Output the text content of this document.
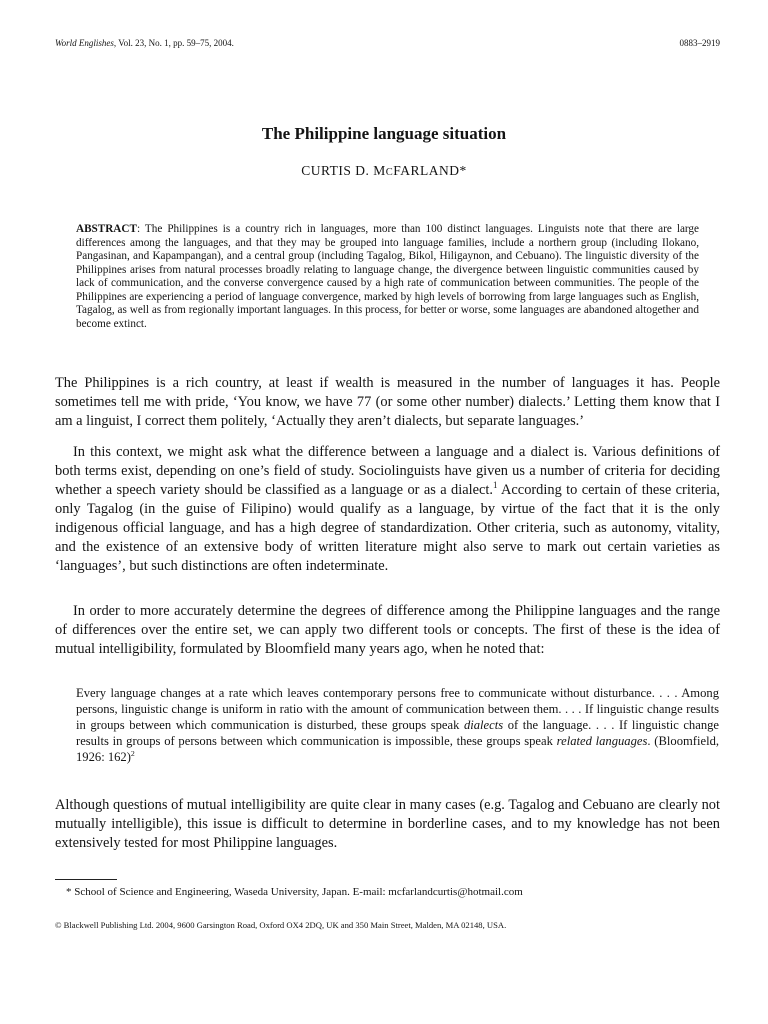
World Englishes, Vol. 23, No. 1, pp. 59–75, 2004.	0883–2919
The Philippine language situation
CURTIS D. MCFARLAND*

ABSTRACT: The Philippines is a country rich in languages, more than 100 distinct languages. Linguists note that there are large differences among the languages, and that they may be grouped into language families, include a northern group (including Ilokano, Pangasinan, and Kapampangan), and a central group (including Tagalog, Bikol, Hiligaynon, and Cebuano). The linguistic diversity of the Philippines arises from natural processes broadly relating to language change, the divergence between linguistic communities caused by lack of communication, and the converse convergence caused by a high rate of communication between communities. The people of the Philippines are experiencing a period of language convergence, marked by high levels of borrowing from large languages such as English, Tagalog, as well as from regionally important languages. In this process, for better or worse, some languages are abandoned altogether and become extinct.

The Philippines is a rich country, at least if wealth is measured in the number of languages it has. People sometimes tell me with pride, ‘You know, we have 77 (or some other number) dialects.’ Letting them know that I am a linguist, I correct them politely, ‘Actually they aren’t dialects, but separate languages.’

In this context, we might ask what the difference between a language and a dialect is. Various definitions of both terms exist, depending on one’s field of study. Sociolinguists have given us a number of criteria for deciding whether a speech variety should be classified as a language or as a dialect.$^1$ According to certain of these criteria, only Tagalog (in the guise of Filipino) would qualify as a language, by virtue of the fact that it is the only indigenous official language, and has a high degree of standardization. Other criteria, such as autonomy, vitality, and the existence of an extensive body of written literature might also serve to mark out certain varieties as ‘languages’, but such distinctions are often indeterminate.

In order to more accurately determine the degrees of difference among the Philippine languages and the range of differences over the entire set, we can apply two different tools or concepts. The first of these is the idea of mutual intelligibility, formulated by Bloomfield many years ago, when he noted that:

Every language changes at a rate which leaves contemporary persons free to communicate without disturbance. . . . Among persons, linguistic change is uniform in ratio with the amount of communication between them. . . . If linguistic change results in groups between which communication is disturbed, these groups speak dialects of the language. . . . If linguistic change results in groups of persons between which communication is impossible, these groups speak related languages. (Bloomfield, 1926: 162)$^2$

Although questions of mutual intelligibility are quite clear in many cases (e.g. Tagalog and Cebuano are clearly not mutually intelligible), this issue is difficult to determine in borderline cases, and to my knowledge has not been extensively tested for most Philippine languages.

* School of Science and Engineering, Waseda University, Japan. E-mail: mcfarlandcurtis@hotmail.com

© Blackwell Publishing Ltd. 2004, 9600 Garsington Road, Oxford OX4 2DQ, UK and 350 Main Street, Malden, MA 02148, USA.
